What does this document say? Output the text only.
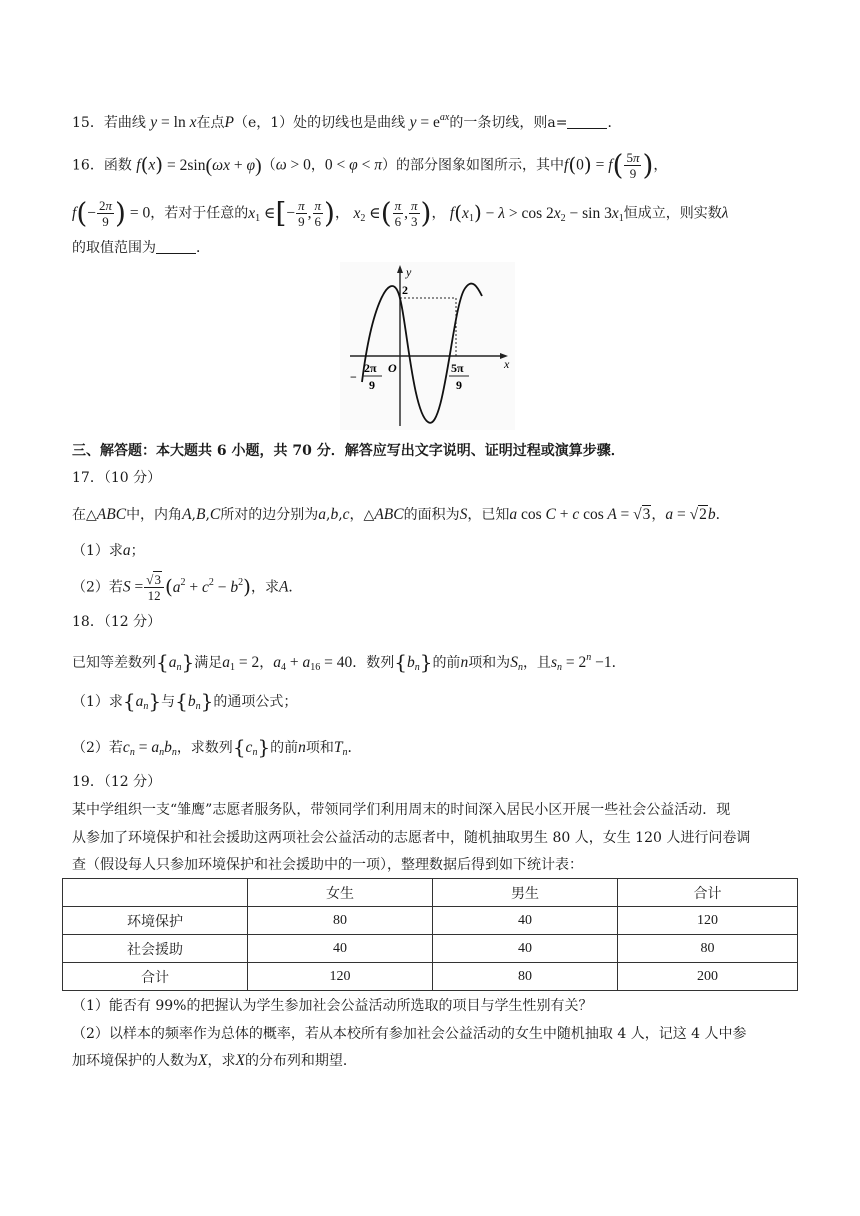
15．若曲线 y = ln x在点P（e，1）处的切线也是曲线 $y = e^{ax}$的一条切线，则a=	．
16．函数 f(x) = 2sin(ωx + φ)（ω > 0，0 < φ < π）的部分图象如图所示，其中$f(0) = f( \frac{5\pi}{9}$ )，
$f(- \frac{2\pi}{9}$ ) = 0，若对于任意的$x_1$ ∈[− $\frac{\pi}{9}$ , $\frac{\pi}{6}$ )， $x_2$ ∈( $\frac{\pi}{6}$ , $\frac{\pi}{3}$ )， $f(x_1) - \lambda > \cos 2x_2 - \sin 3x_1$恒成立，则实数λ
的取值范围为	．
y
x
2
O
−
2π
9
5π
9
三、解答题：本大题共 6 小题，共 70 分．解答应写出文字说明、证明过程或演算步骤．
17．（10 分）
在△ABC中，内角A,B,C所对的边分别为a,b,c，△ABC的面积为S，已知a cos C + c cos A = √3，a = √2b．
（1）求a；
（2）若$S = \frac{√3}{12} (a^2 + c^2 - b^2)$，求A．
18．（12 分）
已知等差数列$\{a_n\}$满足$a_1 = 2$，$a_4 + a_{16} = 40$．数列$\{b_n\}$的前n项和为$S_n$，且$s_n = 2^n -1$．
（1）求$\{a_n\}$与$\{b_n\}$的通项公式；
（2）若$c_n = a_nb_n$，求数列$\{c_n\}$的前n项和$T_n$．
19．（12 分）
某中学组织一支“雏鹰”志愿者服务队，带领同学们利用周末的时间深入居民小区开展一些社会公益活动．现
从参加了环境保护和社会援助这两项社会公益活动的志愿者中，随机抽取男生 80 人，女生 120 人进行问卷调
查（假设每人只参加环境保护和社会援助中的一项），整理数据后得到如下统计表：
	女生	男生	合计
环境保护	80	40	120
社会援助	40	40	80
合计	120	80	200
（1）能否有 99%的把握认为学生参加社会公益活动所选取的项目与学生性别有关？
（2）以样本的频率作为总体的概率，若从本校所有参加社会公益活动的女生中随机抽取 4 人，记这 4 人中参
加环境保护的人数为X，求X的分布列和期望．
